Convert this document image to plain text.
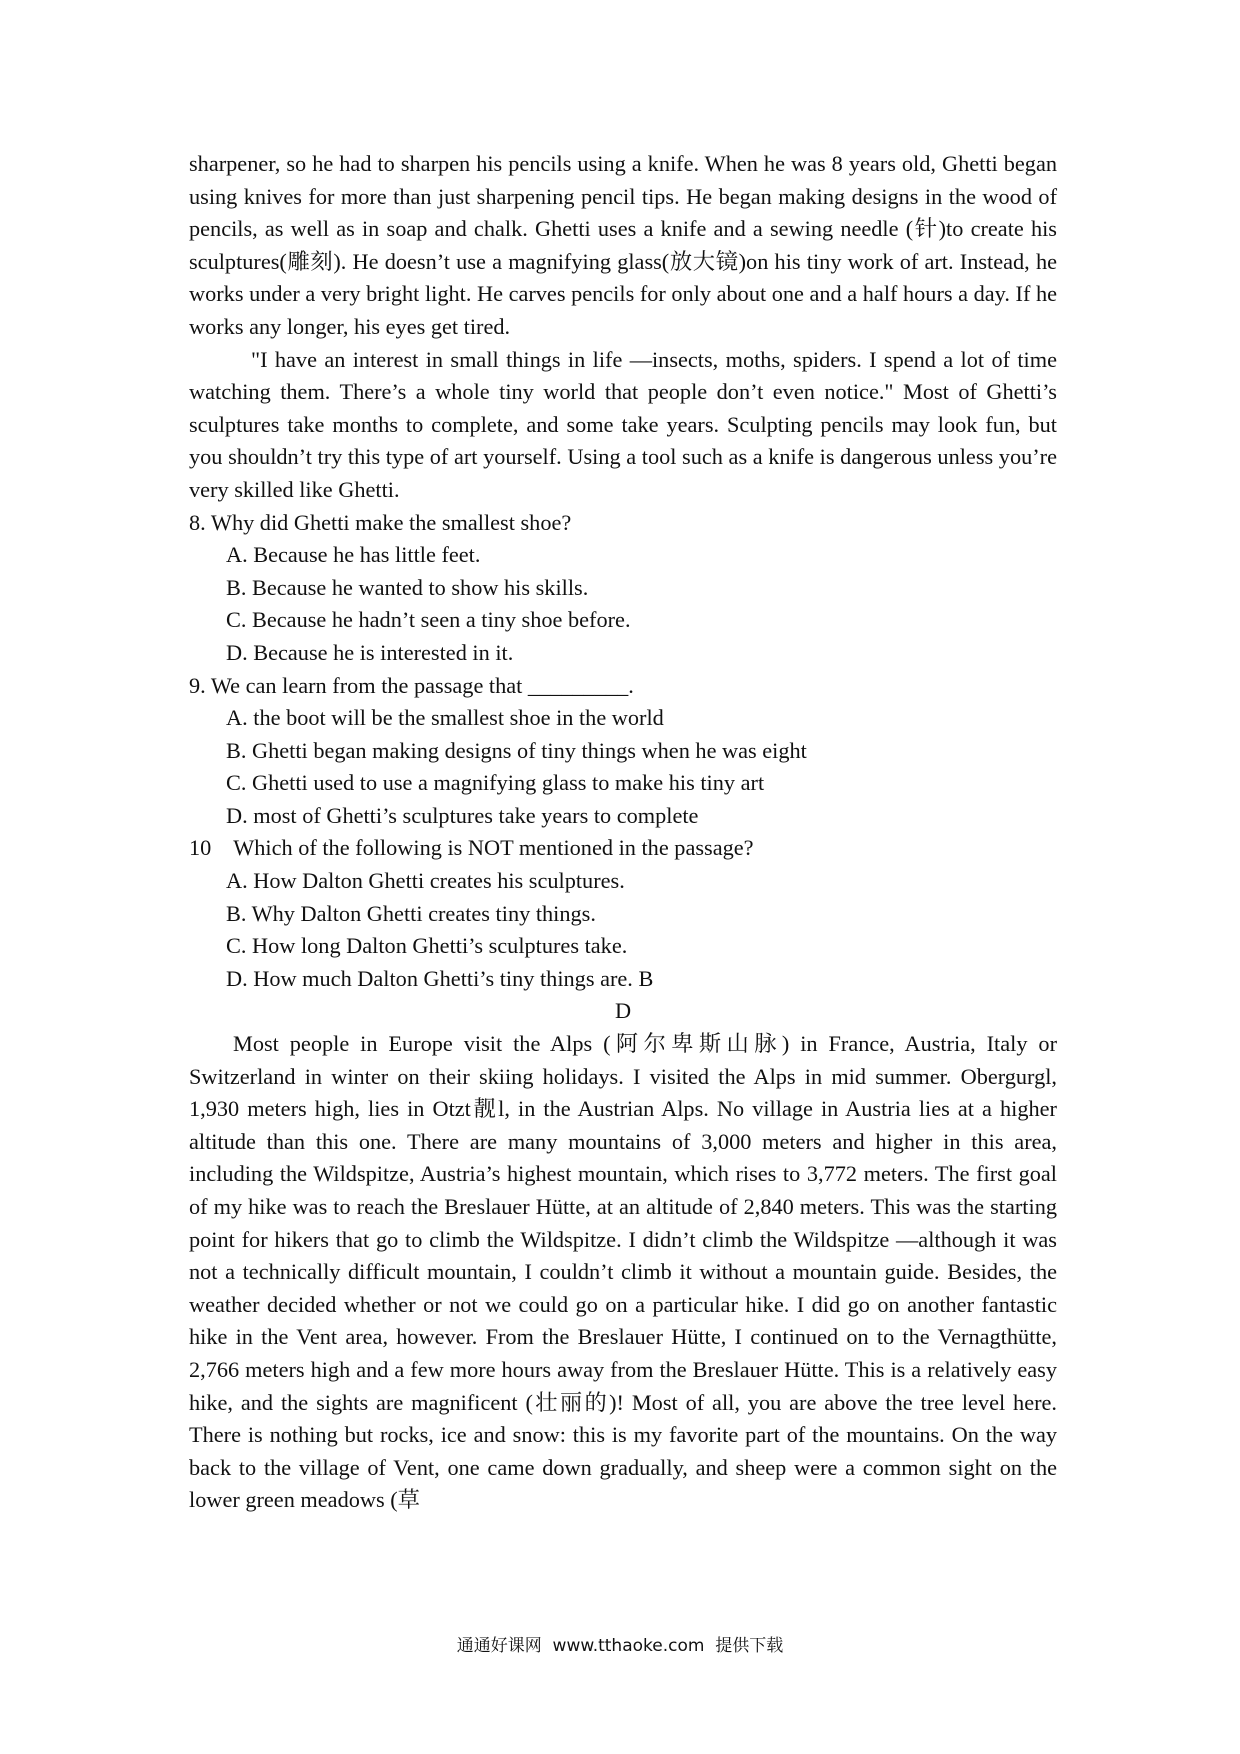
sharpener, so he had to sharpen his pencils using a knife. When he was 8 years old, Ghetti began using knives for more than just sharpening pencil tips. He began making designs in the wood of pencils, as well as in soap and chalk. Ghetti uses a knife and a sewing needle (针)to create his sculptures(雕刻). He doesn’t use a magnifying glass(放大镜)on his tiny work of art. Instead, he works under a very bright light. He carves pencils for only about one and a half hours a day. If he works any longer, his eyes get tired.

"I have an interest in small things in life —insects, moths, spiders. I spend a lot of time watching them. There’s a whole tiny world that people don’t even notice." Most of Ghetti’s sculptures take months to complete, and some take years. Sculpting pencils may look fun, but you shouldn’t try this type of art yourself. Using a tool such as a knife is dangerous unless you’re very skilled like Ghetti.

8. Why did Ghetti make the smallest shoe?

A. Because he has little feet.

B. Because he wanted to show his skills.

C. Because he hadn’t seen a tiny shoe before.

D. Because he is interested in it.

9. We can learn from the passage that _________.

A. the boot will be the smallest shoe in the world

B. Ghetti began making designs of tiny things when he was eight

C. Ghetti used to use a magnifying glass to make his tiny art

D. most of Ghetti’s sculptures take years to complete

10    Which of the following is NOT mentioned in the passage?

A. How Dalton Ghetti creates his sculptures.

B. Why Dalton Ghetti creates tiny things.

C. How long Dalton Ghetti’s sculptures take.

D. How much Dalton Ghetti’s tiny things are. B

D

Most people in Europe visit the Alps (阿尔卑斯山脉) in France, Austria, Italy or Switzerland in winter on their skiing holidays. I visited the Alps in mid summer. Obergurgl, 1,930 meters high, lies in Otzt靓l, in the Austrian Alps. No village in Austria lies at a higher altitude than this one. There are many mountains of 3,000 meters and higher in this area, including the Wildspitze, Austria’s highest mountain, which rises to 3,772 meters. The first goal of my hike was to reach the Breslauer Hütte, at an altitude of 2,840 meters. This was the starting point for hikers that go to climb the Wildspitze. I didn’t climb the Wildspitze —although it was not a technically difficult mountain, I couldn’t climb it without a mountain guide. Besides, the weather decided whether or not we could go on a particular hike. I did go on another fantastic hike in the Vent area, however. From the Breslauer Hütte, I continued on to the Vernagthütte, 2,766 meters high and a few more hours away from the Breslauer Hütte. This is a relatively easy hike, and the sights are magnificent (壮丽的)! Most of all, you are above the tree level here. There is nothing but rocks, ice and snow: this is my favorite part of the mountains. On the way back to the village of Vent, one came down gradually, and sheep were a common sight on the lower green meadows (草

通通好课网  www.tthaoke.com  提供下载
